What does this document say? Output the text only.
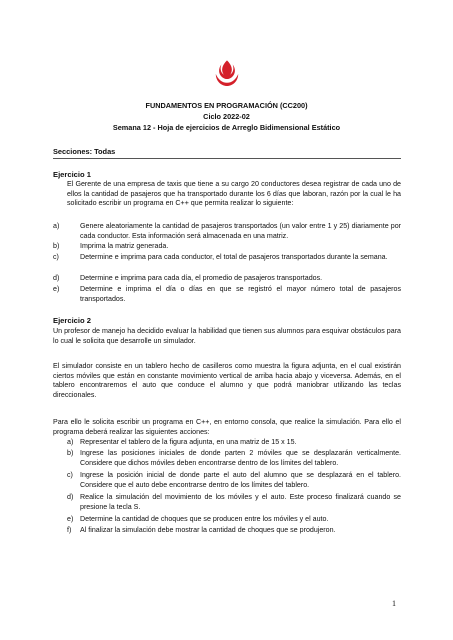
FUNDAMENTOS EN PROGRAMACIÓN (CC200)
Ciclo 2022-02
Semana 12 - Hoja de ejercicios de Arreglo Bidimensional Estático
Secciones: Todas
Ejercicio 1
El Gerente de una empresa de taxis que tiene a su cargo 20 conductores desea registrar de cada uno de ellos la cantidad de pasajeros que ha transportado durante los 6 días que laboran, razón por la cual le ha solicitado escribir un programa en C++ que permita realizar lo siguiente:
a)	Genere aleatoriamente la cantidad de pasajeros transportados (un valor entre 1 y 25) diariamente por cada conductor. Esta información será almacenada en una matriz.
b)	Imprima la matriz generada.
c)	Determine e imprima para cada conductor, el total de pasajeros transportados durante la semana.
d)	Determine e imprima para cada día, el promedio de pasajeros transportados.
e)	Determine e imprima el día o días en que se registró el mayor número total de pasajeros transportados.
Ejercicio 2
Un profesor de manejo ha decidido evaluar la habilidad que tienen sus alumnos para esquivar obstáculos para lo cual le solicita que desarrolle un simulador.
El simulador consiste en un tablero hecho de casilleros como muestra la figura adjunta, en el cual existirán ciertos móviles que están en constante movimiento vertical de arriba hacia abajo y viceversa. Además, en el tablero encontraremos el auto que conduce el alumno y que podrá maniobrar utilizando las teclas direccionales.
Para ello le solicita escribir un programa en C++, en entorno consola, que realice la simulación. Para ello el programa deberá realizar las siguientes acciones:
a) Representar el tablero de la figura adjunta, en una matriz de 15 x 15.
b) Ingrese las posiciones iniciales de donde parten 2 móviles que se desplazarán verticalmente. Considere que dichos móviles deben encontrarse dentro de los límites del tablero.
c) Ingrese la posición inicial de donde parte el auto del alumno que se desplazará en el tablero. Considere que el auto debe encontrarse dentro de los límites del tablero.
d) Realice la simulación del movimiento de los móviles y el auto. Este proceso finalizará cuando se presione la tecla S.
e) Determine la cantidad de choques que se producen entre los móviles y el auto.
f) Al finalizar la simulación debe mostrar la cantidad de choques que se produjeron.
1
